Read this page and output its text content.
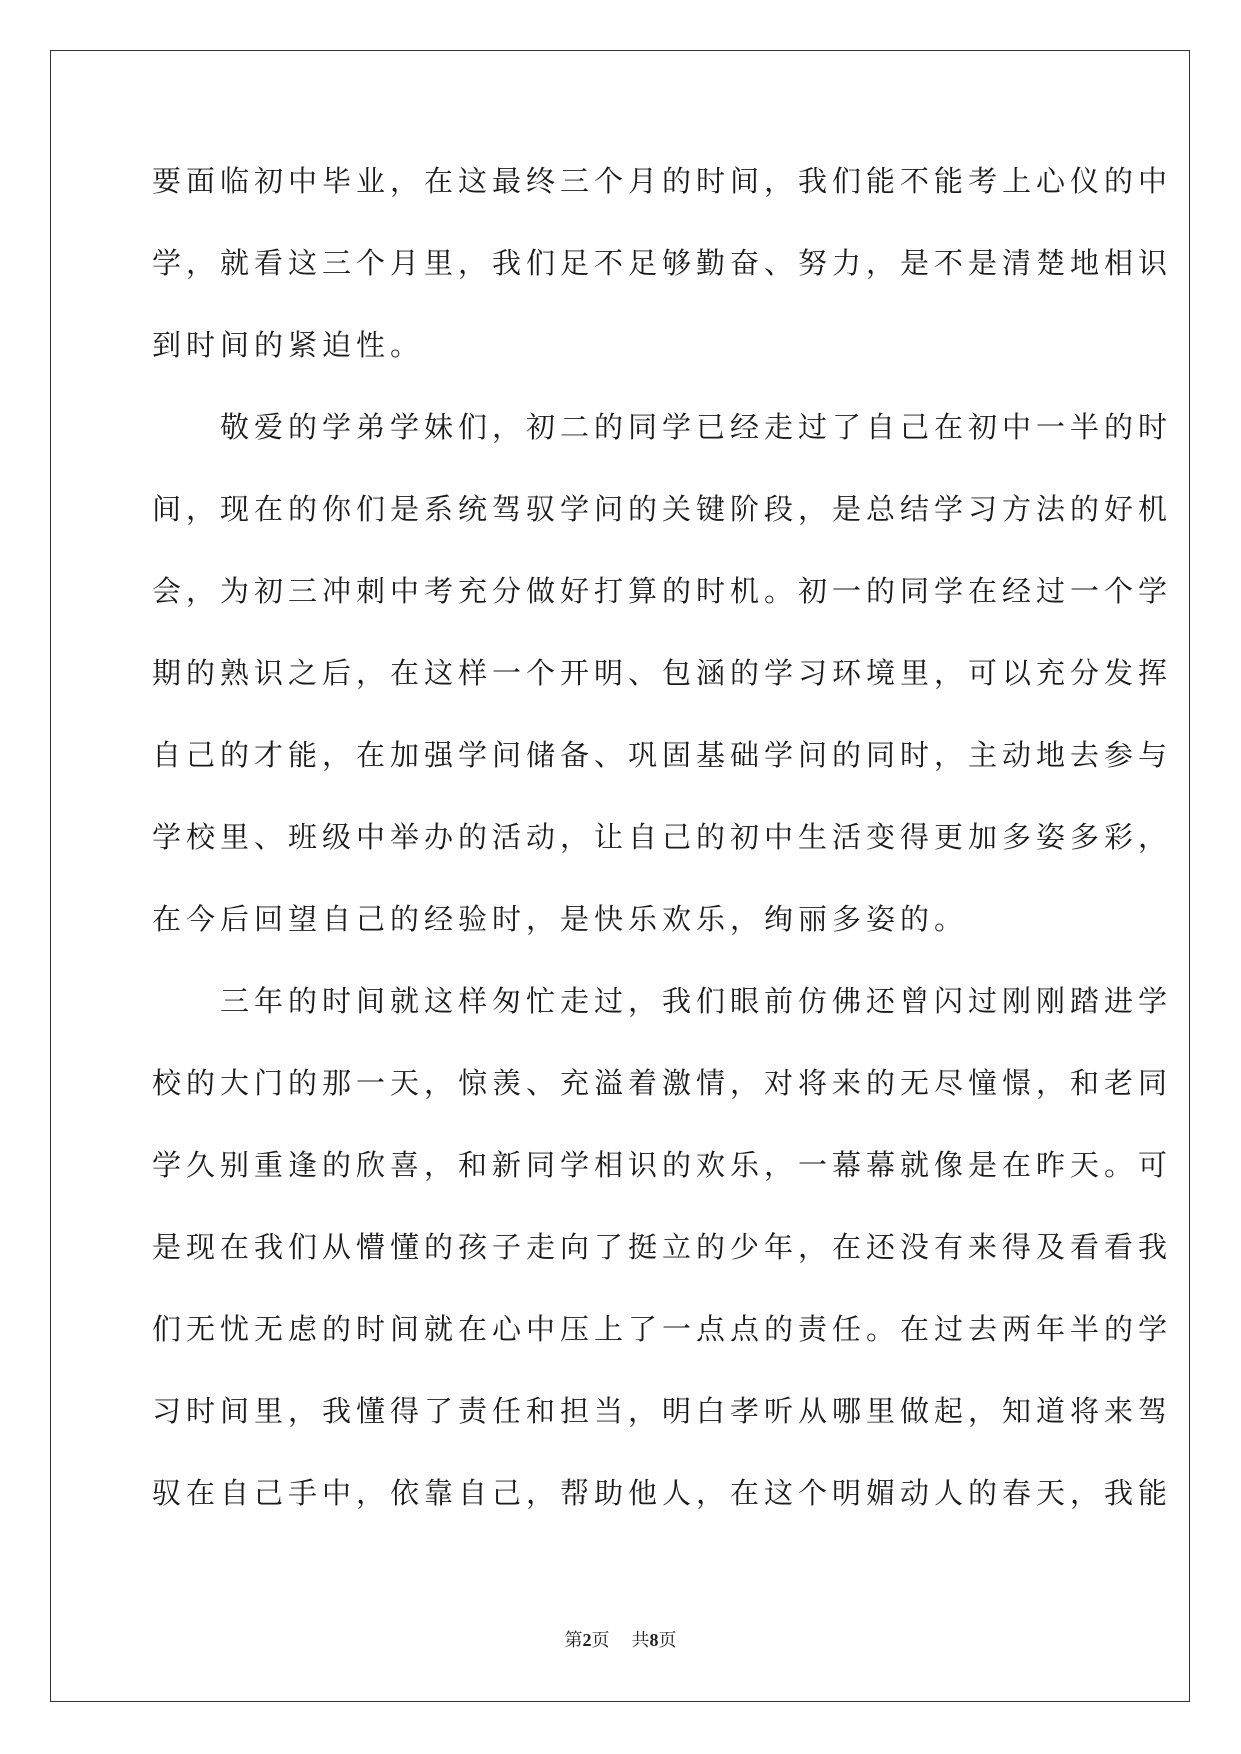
要面临初中毕业，在这最终三个月的时间，我们能不能考上心仪的中
学，就看这三个月里，我们足不足够勤奋、努力，是不是清楚地相识
到时间的紧迫性。
　　敬爱的学弟学妹们，初二的同学已经走过了自己在初中一半的时
间，现在的你们是系统驾驭学问的关键阶段，是总结学习方法的好机
会，为初三冲刺中考充分做好打算的时机。初一的同学在经过一个学
期的熟识之后，在这样一个开明、包涵的学习环境里，可以充分发挥
自己的才能，在加强学问储备、巩固基础学问的同时，主动地去参与
学校里、班级中举办的活动，让自己的初中生活变得更加多姿多彩，
在今后回望自己的经验时，是快乐欢乐，绚丽多姿的。
　　三年的时间就这样匆忙走过，我们眼前仿佛还曾闪过刚刚踏进学
校的大门的那一天，惊羡、充溢着激情，对将来的无尽憧憬，和老同
学久别重逢的欣喜，和新同学相识的欢乐，一幕幕就像是在昨天。可
是现在我们从懵懂的孩子走向了挺立的少年，在还没有来得及看看我
们无忧无虑的时间就在心中压上了一点点的责任。在过去两年半的学
习时间里，我懂得了责任和担当，明白孝听从哪里做起，知道将来驾
驭在自己手中，依靠自己，帮助他人，在这个明媚动人的春天，我能
第2页 共8页
